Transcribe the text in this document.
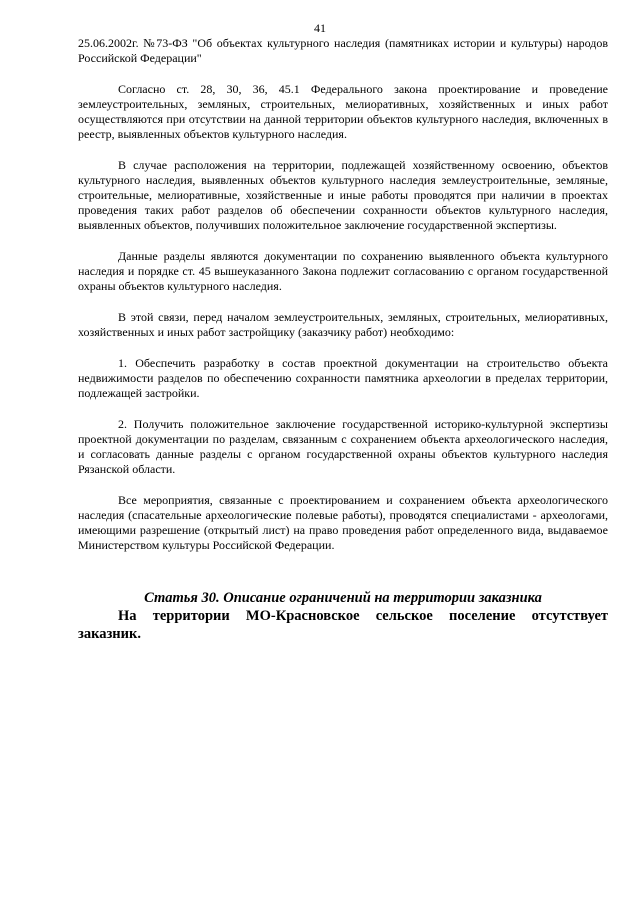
41

25.06.2002г. №73-ФЗ "Об объектах культурного наследия (памятниках истории и культуры) народов Российской Федерации"

Согласно ст. 28, 30, 36, 45.1 Федерального закона проектирование и проведение землеустроительных, земляных, строительных, мелиоративных, хозяйственных и иных работ осуществляются при отсутствии на данной территории объектов культурного наследия, включенных в реестр, выявленных объектов культурного наследия.

В случае расположения на территории, подлежащей хозяйственному освоению, объектов культурного наследия, выявленных объектов культурного наследия землеустроительные, земляные, строительные, мелиоративные, хозяйственные и иные работы проводятся при наличии в проектах проведения таких работ разделов об обеспечении сохранности объектов культурного наследия, выявленных объектов, получивших положительное заключение государственной экспертизы.

Данные разделы являются документации по сохранению выявленного объекта культурного наследия и порядке ст. 45 вышеуказанного Закона подлежит согласованию с органом государственной охраны объектов культурного наследия.

В этой связи, перед началом землеустроительных, земляных, строительных, мелиоративных, хозяйственных и иных работ застройщику (заказчику работ) необходимо:

1. Обеспечить разработку в состав проектной документации на строительство объекта недвижимости разделов по обеспечению сохранности памятника археологии в пределах территории, подлежащей застройки.

2. Получить положительное заключение государственной историко-культурной экспертизы проектной документации по разделам, связанным с сохранением объекта археологического наследия, и согласовать данные разделы с органом государственной охраны объектов культурного наследия Рязанской области.

Все мероприятия, связанные с проектированием и сохранением объекта археологического наследия (спасательные археологические полевые работы), проводятся специалистами - археологами, имеющими разрешение (открытый лист) на право проведения работ определенного вида, выдаваемое Министерством культуры Российской Федерации.

Статья 30. Описание ограничений на территории заказника

На территории МО-Красновское сельское поселение отсутствует заказник.
